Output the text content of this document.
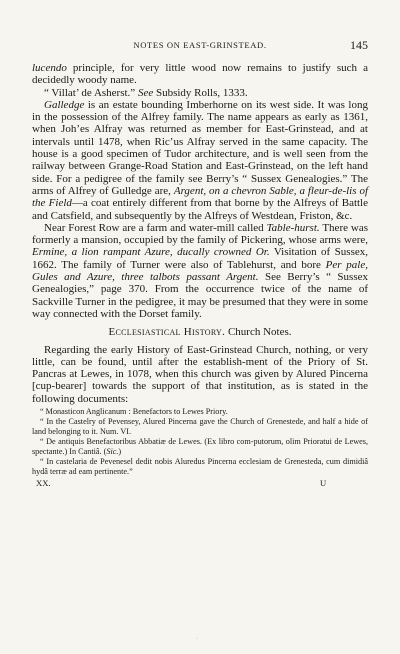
NOTES ON EAST-GRINSTEAD.	145

lucendo principle, for very little wood now remains to justify such a decidedly woody name.

“ Villat’ de Asherst.” See Subsidy Rolls, 1333.

Galledge is an estate bounding Imberhorne on its west side. It was long in the possession of the Alfrey family. The name appears as early as 1361, when Joh’es Alfray was returned as member for East-Grinstead, and at intervals until 1478, when Ric’us Alfray served in the same capacity. The house is a good specimen of Tudor architecture, and is well seen from the railway between Grange-Road Station and East-Grinstead, on the left hand side. For a pedigree of the family see Berry’s “ Sussex Genealogies.” The arms of Alfrey of Gulledge are, Argent, on a chevron Sable, a fleur-de-lis of the Field—a coat entirely different from that borne by the Alfreys of Battle and Catsfield, and subsequently by the Alfreys of Westdean, Friston, &c.

Near Forest Row are a farm and water-mill called Table-hurst. There was formerly a mansion, occupied by the family of Pickering, whose arms were, Ermine, a lion rampant Azure, ducally crowned Or. Visitation of Sussex, 1662. The family of Turner were also of Tablehurst, and bore Per pale, Gules and Azure, three talbots passant Argent. See Berry’s “ Sussex Genealogies,” page 370. From the occurrence twice of the name of Sackville Turner in the pedigree, it may be presumed that they were in some way connected with the Dorset family.

Ecclesiastical History. Church Notes.

Regarding the early History of East-Grinstead Church, nothing, or very little, can be found, until after the establish-ment of the Priory of St. Pancras at Lewes, in 1078, when this church was given by Alured Pincerna [cup-bearer] towards the support of that institution, as is stated in the following documents:

“ Monasticon Anglicanum : Benefactors to Lewes Priory.

“ In the Castelry of Pevensey, Alured Pincerna gave the Church of Grenestede, and half a hide of land belonging to it. Num. VI.

“ De antiquis Benefactoribus Abbatiæ de Lewes. (Ex libro com-putorum, olim Prioratui de Lewes, spectante.) In Cantiâ. (Sic.)

“ In castelaria de Pevenesel dedit nobis Aluredus Pincerna ecclesiam de Grenesteda, cum dimidiâ hydâ terræ ad eam pertinente.”

XX.	U
·
